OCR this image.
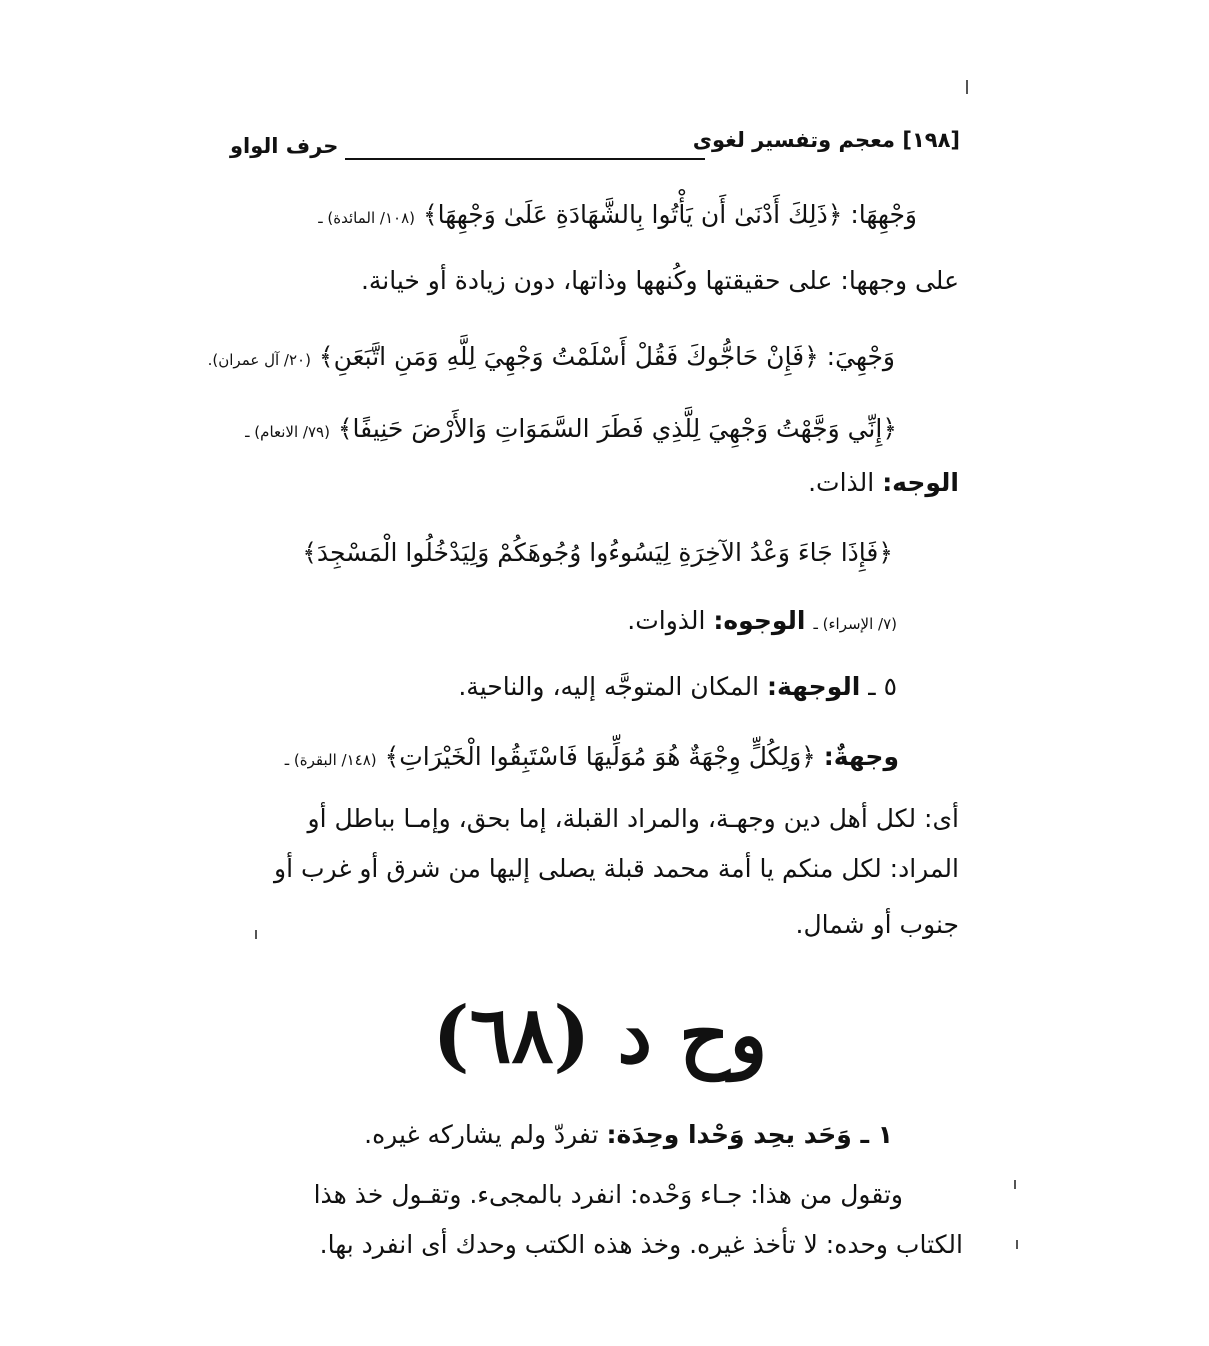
[١٩٨] معجم وتفسير لغوى
حرف الواو
وَجْهِهَا: ﴿ذَلِكَ أَدْنَىٰ أَن يَأْتُوا بِالشَّهَادَةِ عَلَىٰ وَجْهِهَا﴾ (١٠٨/ المائدة) ـ
على وجهها: على حقيقتها وكُنهها وذاتها، دون زيادة أو خيانة.
وَجْهِيَ: ﴿فَإِنْ حَاجُّوكَ فَقُلْ أَسْلَمْتُ وَجْهِيَ لِلَّهِ وَمَنِ اتَّبَعَنِ﴾ (٢٠/ آل عمران).
﴿إِنِّي وَجَّهْتُ وَجْهِيَ لِلَّذِي فَطَرَ السَّمَوَاتِ وَالأَرْضَ حَنِيفًا﴾ (٧٩/ الانعام) ـ
الوجه: الذات.
﴿فَإِذَا جَاءَ وَعْدُ الآخِرَةِ لِيَسُوءُوا وُجُوهَكُمْ وَلِيَدْخُلُوا الْمَسْجِدَ﴾
(٧/ الإسراء) ـ الوجوه: الذوات.
٥ ـ الوجهة: المكان المتوجَّه إليه، والناحية.
وجهةٌ: ﴿وَلِكُلٍّ وِجْهَةٌ هُوَ مُوَلِّيهَا فَاسْتَبِقُوا الْخَيْرَاتِ﴾ (١٤٨/ البقرة) ـ
أى: لكل أهل دين وجهـة، والمراد القبلة، إما بحق، وإمـا بباطل أو
المراد: لكل منكم يا أمة محمد قبلة يصلى إليها من شرق أو غرب أو
جنوب أو شمال.
وح د (٦٨)
١ ـ وَحَد يحِد وَحْدا وحِدَة: تفردّ ولم يشاركه غيره.
وتقول من هذا: جـاء وَحْده: انفرد بالمجىء. وتقـول خذ هذا
الكتاب وحده: لا تأخذ غيره. وخذ هذه الكتب وحدك أى انفرد بها.
